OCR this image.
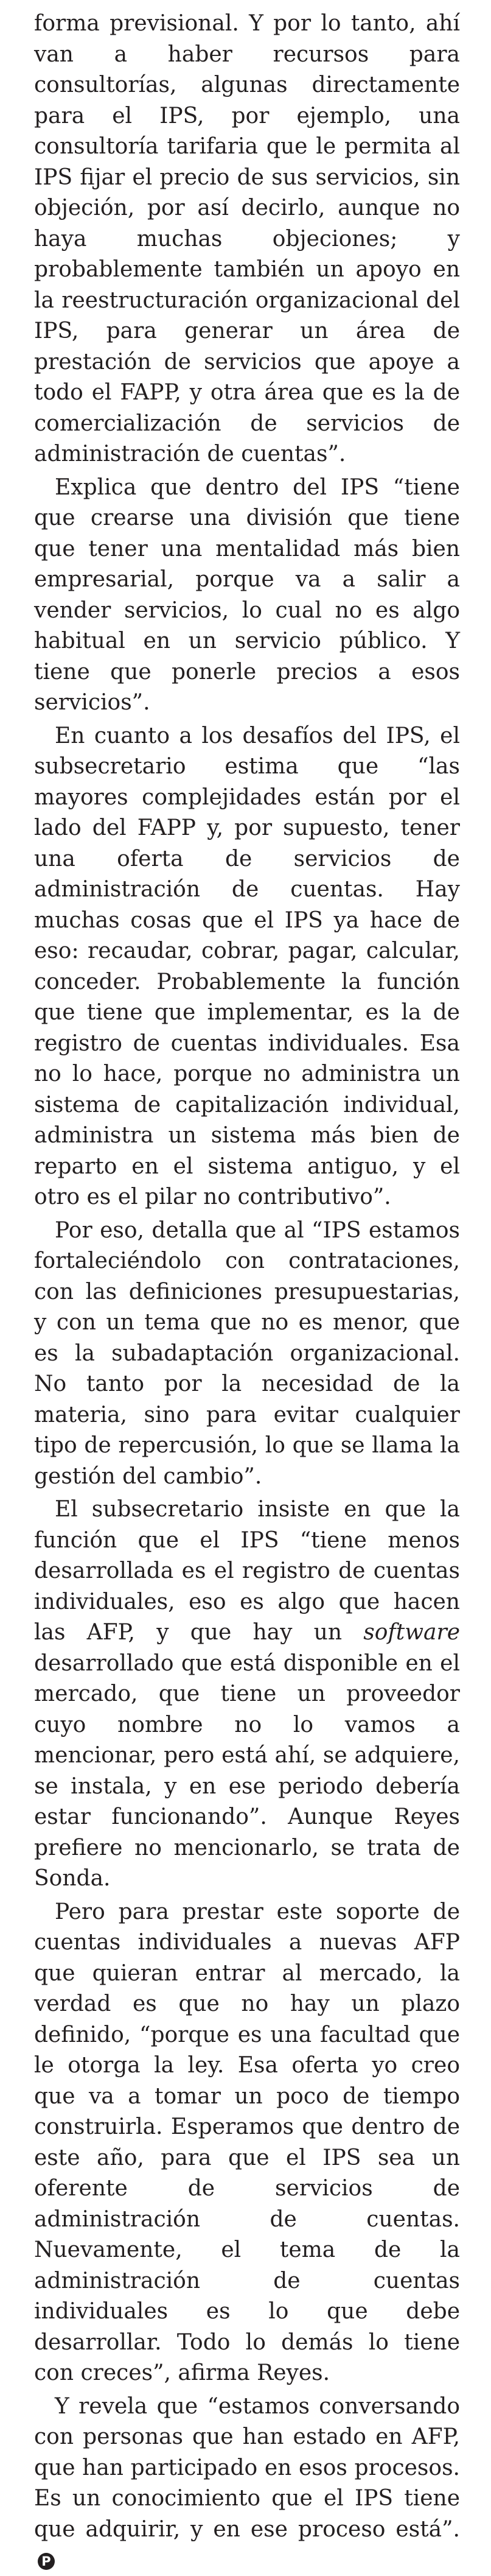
forma previsional. Y por lo tanto, ahí van a haber recursos para consultorías, algunas directamente para el IPS, por ejemplo, una consultoría tarifaria que le permita al IPS fijar el precio de sus servicios, sin objeción, por así decirlo, aunque no haya muchas objeciones; y probablemente también un apoyo en la reestructuración organizacional del IPS, para generar un área de prestación de servicios que apoye a todo el FAPP, y otra área que es la de comercialización de servicios de administración de cuentas”.

Explica que dentro del IPS “tiene que crearse una división que tiene que tener una mentalidad más bien empresarial, porque va a salir a vender servicios, lo cual no es algo habitual en un servicio público. Y tiene que ponerle precios a esos servicios”.

En cuanto a los desafíos del IPS, el subsecretario estima que “las mayores complejidades están por el lado del FAPP y, por supuesto, tener una oferta de servicios de administración de cuentas. Hay muchas cosas que el IPS ya hace de eso: recaudar, cobrar, pagar, calcular, conceder. Probablemente la función que tiene que implementar, es la de registro de cuentas individuales. Esa no lo hace, porque no administra un sistema de capitalización individual, administra un sistema más bien de reparto en el sistema antiguo, y el otro es el pilar no contributivo”.

Por eso, detalla que al “IPS estamos fortaleciéndolo con contrataciones, con las definiciones presupuestarias, y con un tema que no es menor, que es la subadaptación organizacional. No tanto por la necesidad de la materia, sino para evitar cualquier tipo de repercusión, lo que se llama la gestión del cambio”.

El subsecretario insiste en que la función que el IPS “tiene menos desarrollada es el registro de cuentas individuales, eso es algo que hacen las AFP, y que hay un software desarrollado que está disponible en el mercado, que tiene un proveedor cuyo nombre no lo vamos a mencionar, pero está ahí, se adquiere, se instala, y en ese periodo debería estar funcionando”. Aunque Reyes prefiere no mencionarlo, se trata de Sonda.

Pero para prestar este soporte de cuentas individuales a nuevas AFP que quieran entrar al mercado, la verdad es que no hay un plazo definido, “porque es una facultad que le otorga la ley. Esa oferta yo creo que va a tomar un poco de tiempo construirla. Esperamos que dentro de este año, para que el IPS sea un oferente de servicios de administración de cuentas. Nuevamente, el tema de la administración de cuentas individuales es lo que debe desarrollar. Todo lo demás lo tiene con creces”, afirma Reyes.

Y revela que “estamos conversando con personas que han estado en AFP, que han participado en esos procesos. Es un conocimiento que el IPS tiene que adquirir, y en ese proceso está”.P
